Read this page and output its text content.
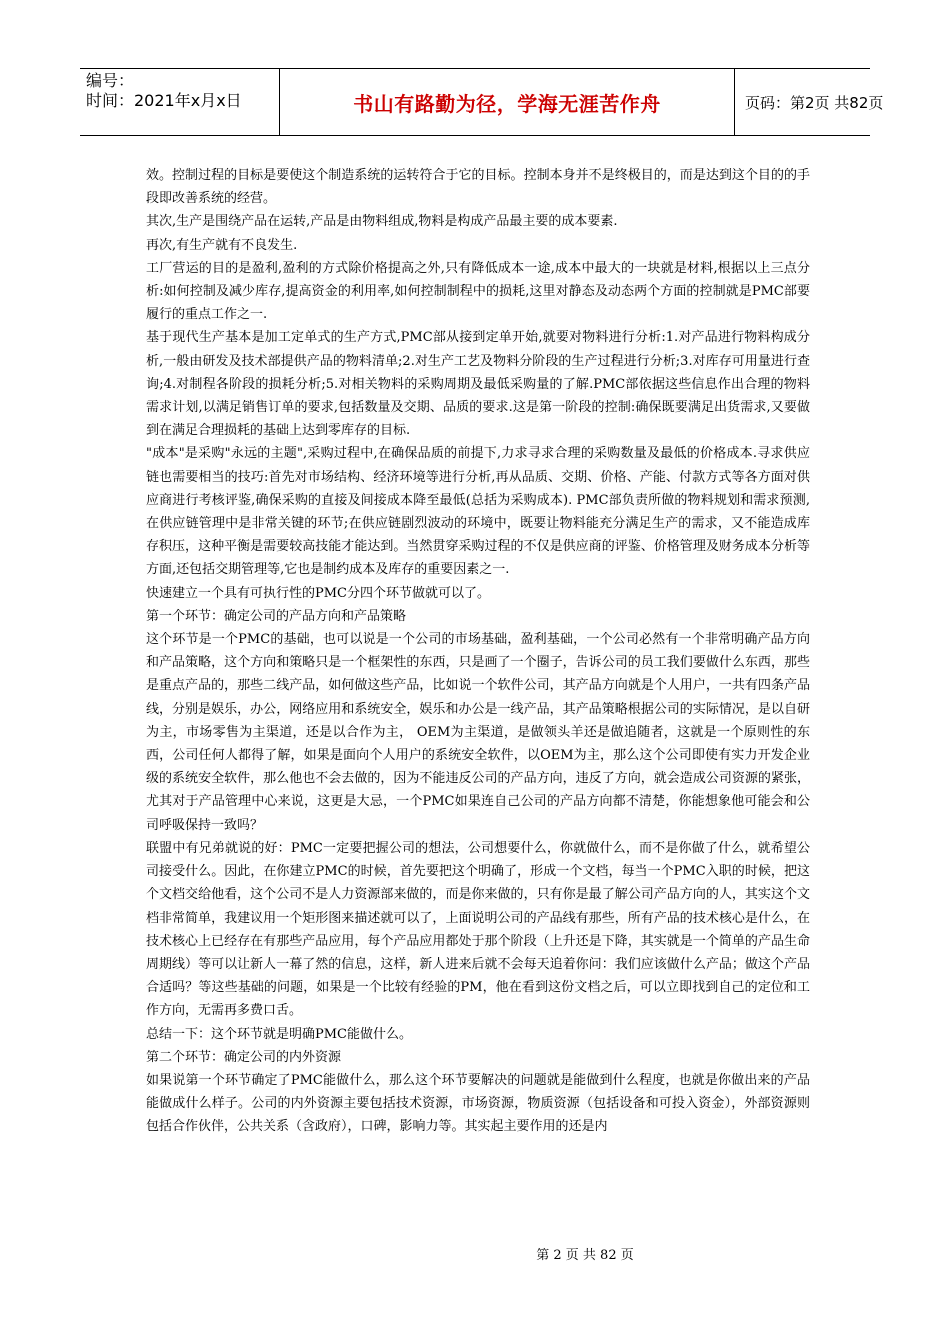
编号：
时间：2021年x月x日	书山有路勤为径，学海无涯苦作舟	页码：第2页 共82页

效。控制过程的目标是要使这个制造系统的运转符合于它的目标。控制本身并不是终极目的，而是达到这个目的的手段即改善系统的经营。

其次,生产是围绕产品在运转,产品是由物料组成,物料是构成产品最主要的成本要素.

再次,有生产就有不良发生.

工厂营运的目的是盈利,盈利的方式除价格提高之外,只有降低成本一途,成本中最大的一块就是材料,根据以上三点分析:如何控制及减少库存,提高资金的利用率,如何控制制程中的损耗,这里对静态及动态两个方面的控制就是PMC部要履行的重点工作之一.

基于现代生产基本是加工定单式的生产方式,PMC部从接到定单开始,就要对物料进行分析:1.对产品进行物料构成分析,一般由研发及技术部提供产品的物料清单;2.对生产工艺及物料分阶段的生产过程进行分析;3.对库存可用量进行查询;4.对制程各阶段的损耗分析;5.对相关物料的采购周期及最低采购量的了解.PMC部依据这些信息作出合理的物料需求计划,以满足销售订单的要求,包括数量及交期、品质的要求.这是第一阶段的控制:确保既要满足出货需求,又要做到在满足合理损耗的基础上达到零库存的目标.

"成本"是采购"永远的主题",采购过程中,在确保品质的前提下,力求寻求合理的采购数量及最低的价格成本.寻求供应链也需要相当的技巧:首先对市场结构、经济环境等进行分析,再从品质、交期、价格、产能、付款方式等各方面对供应商进行考核评鉴,确保采购的直接及间接成本降至最低(总括为采购成本). PMC部负责所做的物料规划和需求预测,在供应链管理中是非常关键的环节;在供应链剧烈波动的环境中，既要让物料能充分满足生产的需求，又不能造成库存积压，这种平衡是需要较高技能才能达到。当然贯穿采购过程的不仅是供应商的评鉴、价格管理及财务成本分析等方面,还包括交期管理等,它也是制约成本及库存的重要因素之一.

快速建立一个具有可执行性的PMC分四个环节做就可以了。

第一个环节：确定公司的产品方向和产品策略

这个环节是一个PMC的基础，也可以说是一个公司的市场基础，盈利基础，一个公司必然有一个非常明确产品方向和产品策略，这个方向和策略只是一个框架性的东西，只是画了一个圈子，告诉公司的员工我们要做什么东西，那些是重点产品的，那些二线产品，如何做这些产品，比如说一个软件公司，其产品方向就是个人用户，一共有四条产品线，分别是娱乐，办公，网络应用和系统安全，娱乐和办公是一线产品，其产品策略根据公司的实际情况，是以自研为主，市场零售为主渠道，还是以合作为主， OEM为主渠道，是做领头羊还是做追随者，这就是一个原则性的东西，公司任何人都得了解，如果是面向个人用户的系统安全软件，以OEM为主，那么这个公司即使有实力开发企业级的系统安全软件，那么他也不会去做的，因为不能违反公司的产品方向，违反了方向，就会造成公司资源的紧张，尤其对于产品管理中心来说，这更是大忌，一个PMC如果连自己公司的产品方向都不清楚，你能想象他可能会和公司呼吸保持一致吗？

联盟中有兄弟就说的好：PMC一定要把握公司的想法，公司想要什么，你就做什么，而不是你做了什么，就希望公司接受什么。因此，在你建立PMC的时候，首先要把这个明确了，形成一个文档，每当一个PMC入职的时候，把这个文档交给他看，这个公司不是人力资源部来做的，而是你来做的，只有你是最了解公司产品方向的人，其实这个文档非常简单，我建议用一个矩形图来描述就可以了，上面说明公司的产品线有那些，所有产品的技术核心是什么，在技术核心上已经存在有那些产品应用，每个产品应用都处于那个阶段（上升还是下降，其实就是一个简单的产品生命周期线）等可以让新人一幕了然的信息，这样，新人进来后就不会每天追着你问：我们应该做什么产品；做这个产品合适吗？等这些基础的问题，如果是一个比较有经验的PM，他在看到这份文档之后，可以立即找到自己的定位和工作方向，无需再多费口舌。

总结一下：这个环节就是明确PMC能做什么。

第二个环节：确定公司的内外资源

如果说第一个环节确定了PMC能做什么，那么这个环节要解决的问题就是能做到什么程度，也就是你做出来的产品能做成什么样子。公司的内外资源主要包括技术资源，市场资源，物质资源（包括设备和可投入资金），外部资源则包括合作伙伴，公共关系（含政府），口碑，影响力等。其实起主要作用的还是内

第 2 页 共 82 页
